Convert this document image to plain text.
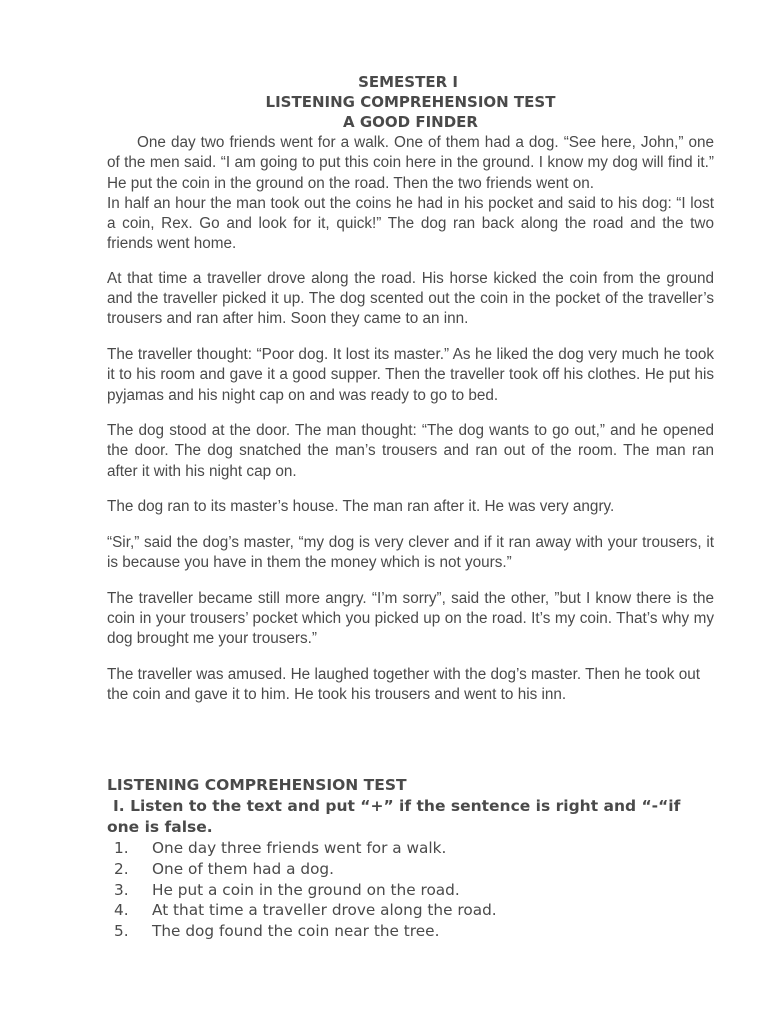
SEMESTER I

LISTENING COMPREHENSION TEST

A GOOD FINDER

One day two friends went for a walk. One of them had a dog. “See here, John,” one of the men said. “I am going to put this coin here in the ground. I know my dog will find it.” He put the coin in the ground on the road. Then the two friends went on.

In half an hour the man took out the coins he had in his pocket and said to his dog: “I lost a coin, Rex. Go and look for it, quick!” The dog ran back along the road and the two friends went home.

At that time a traveller drove along the road. His horse kicked the coin from the ground and the traveller picked it up. The dog scented out the coin in the pocket of the traveller’s trousers and ran after him. Soon they came to an inn.

The traveller thought: “Poor dog. It lost its master.” As he liked the dog very much he took it to his room and gave it a good supper. Then the traveller took off his clothes. He put his pyjamas and his night cap on and was ready to go to bed.

The dog stood at the door. The man thought: “The dog wants to go out,” and he opened the door. The dog snatched the man’s trousers and ran out of the room. The man ran after it with his night cap on.

The dog ran to its master’s house. The man ran after it. He was very angry.

“Sir,” said the dog’s master, “my dog is very clever and if it ran away with your trousers, it is because you have in them the money which is not yours.”

The traveller became still more angry. “I’m sorry”, said the other, ”but I know there is the coin in your trousers’ pocket which you picked up on the road. It’s my coin. That’s why my dog brought me your trousers.”

The traveller was amused. He laughed together with the dog’s master. Then he took out the coin and gave it to him. He took his trousers and went to his inn.

LISTENING COMPREHENSION TEST

I. Listen to the text and put “+” if the sentence is right and “-“if one is false.

1.	One day three friends went for a walk.
2.	One of them had a dog.
3.	He put a coin in the ground on the road.
4.	At that time a traveller drove along the road.
5.	The dog found the coin near the tree.
